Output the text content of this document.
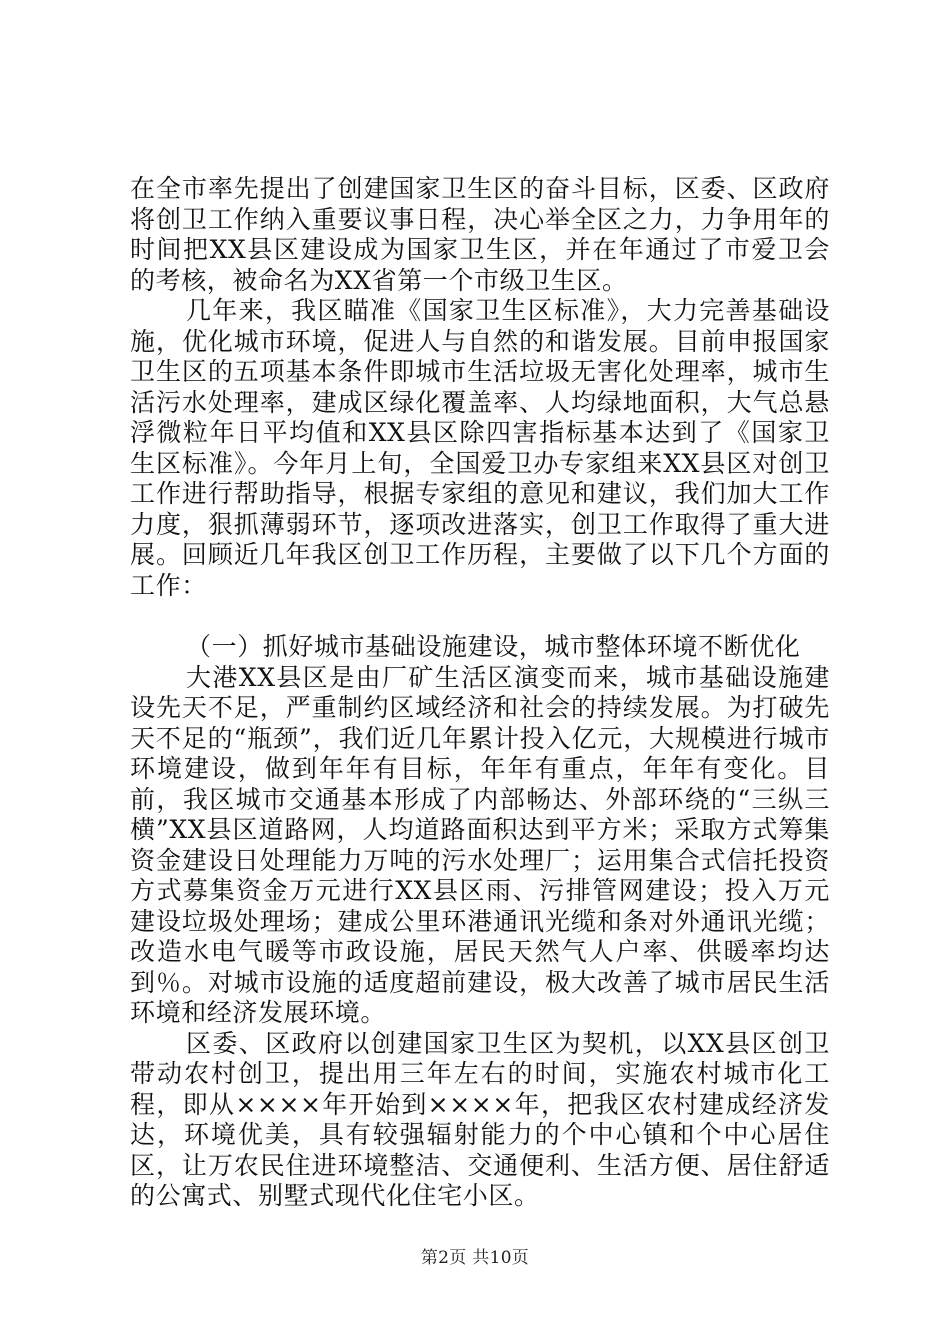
在全市率先提出了创建国家卫生区的奋斗目标，区委、区政府将创卫工作纳入重要议事日程，决心举全区之力，力争用年的时间把XX县区建设成为国家卫生区，并在年通过了市爱卫会的考核，被命名为XX省第一个市级卫生区。

几年来，我区瞄准《国家卫生区标准》，大力完善基础设施，优化城市环境，促进人与自然的和谐发展。目前申报国家卫生区的五项基本条件即城市生活垃圾无害化处理率，城市生活污水处理率，建成区绿化覆盖率、人均绿地面积，大气总悬浮微粒年日平均值和XX县区除四害指标基本达到了《国家卫生区标准》。今年月上旬，全国爱卫办专家组来XX县区对创卫工作进行帮助指导，根据专家组的意见和建议，我们加大工作力度，狠抓薄弱环节，逐项改进落实，创卫工作取得了重大进展。回顾近几年我区创卫工作历程，主要做了以下几个方面的工作：

（一）抓好城市基础设施建设，城市整体环境不断优化

大港XX县区是由厂矿生活区演变而来，城市基础设施建设先天不足，严重制约区域经济和社会的持续发展。为打破先天不足的“瓶颈”，我们近几年累计投入亿元，大规模进行城市环境建设，做到年年有目标，年年有重点，年年有变化。目前，我区城市交通基本形成了内部畅达、外部环绕的“三纵三横”XX县区道路网，人均道路面积达到平方米；采取方式筹集资金建设日处理能力万吨的污水处理厂；运用集合式信托投资方式募集资金万元进行XX县区雨、污排管网建设；投入万元建设垃圾处理场；建成公里环港通讯光缆和条对外通讯光缆；改造水电气暖等市政设施，居民天然气人户率、供暖率均达到％。对城市设施的适度超前建设，极大改善了城市居民生活环境和经济发展环境。

区委、区政府以创建国家卫生区为契机，以XX县区创卫带动农村创卫，提出用三年左右的时间，实施农村城市化工程，即从××××年开始到××××年，把我区农村建成经济发达，环境优美，具有较强辐射能力的个中心镇和个中心居住区，让万农民住进环境整洁、交通便利、生活方便、居住舒适的公寓式、别墅式现代化住宅小区。

第2页 共10页
